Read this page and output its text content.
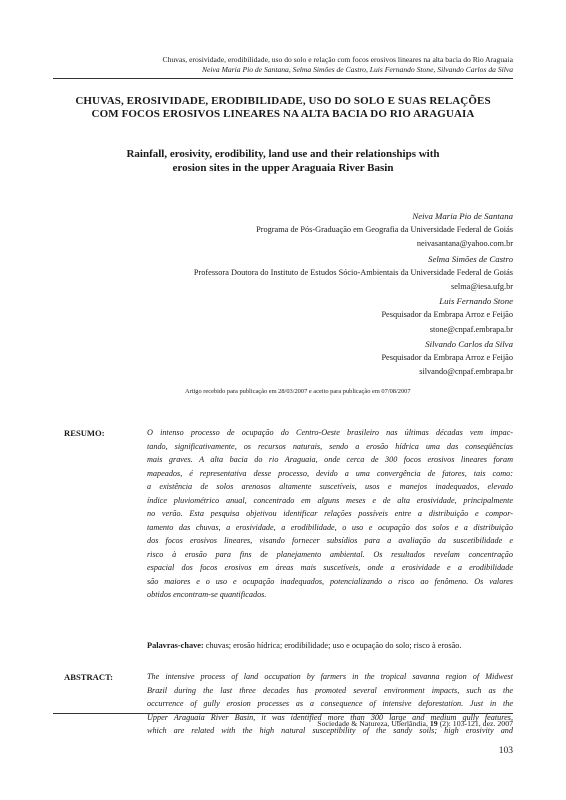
Chuvas, erosividade, erodibilidade, uso do solo e relação com focos erosivos lineares na alta bacia do Rio Araguaia
Neiva Maria Pio de Santana, Selma Simões de Castro, Luis Fernando Stone, Silvando Carlos da Silva
CHUVAS, EROSIVIDADE, ERODIBILIDADE, USO DO SOLO E SUAS RELAÇÕES
COM FOCOS EROSIVOS LINEARES NA ALTA BACIA DO RIO ARAGUAIA
Rainfall, erosivity, erodibility, land use and their relationships with
erosion sites in the upper Araguaia River Basin
Neiva Maria Pio de Santana
Programa de Pós-Graduação em Geografia da Universidade Federal de Goiás
neivasantana@yahoo.com.br
Selma Simões de Castro
Professora Doutora do Instituto de Estudos Sócio-Ambientais da Universidade Federal de Goiás
selma@iesa.ufg.br
Luis Fernando Stone
Pesquisador da Embrapa Arroz e Feijão
stone@cnpaf.embrapa.br
Silvando Carlos da Silva
Pesquisador da Embrapa Arroz e Feijão
silvando@cnpaf.embrapa.br
Artigo recebido para publicação em 28/03/2007 e aceito para publicação em 07/08/2007
RESUMO:	O intenso processo de ocupação do Centro-Oeste brasileiro nas últimas décadas vem impac-
tando, significativamente, os recursos naturais, sendo a erosão hídrica uma das conseqüências
mais graves. A alta bacia do rio Araguaia, onde cerca de 300 focos erosivos lineares foram
mapeados, é representativa desse processo, devido a uma convergência de fatores, tais como:
a existência de solos arenosos altamente suscetíveis, usos e manejos inadequados, elevado
índice pluviométrico anual, concentrado em alguns meses e de alta erosividade, principalmente
no verão. Esta pesquisa objetivou identificar relações possíveis entre a distribuição e compor-
tamento das chuvas, a erosividade, a erodibilidade, o uso e ocupação dos solos e a distribuição
dos focos erosivos lineares, visando fornecer subsídios para a avaliação da suscetibilidade e
risco à erosão para fins de planejamento ambiental. Os resultados revelam concentração
espacial dos focos erosivos em áreas mais suscetíveis, onde a erosividade e a erodibilidade
são maiores e o uso e ocupação inadequados, potencializando o risco ao fenômeno. Os valores
obtidos encontram-se quantificados.
Palavras-chave: chuvas; erosão hídrica; erodibilidade; uso e ocupação do solo; risco à erosão.
ABSTRACT:	The intensive process of land occupation by farmers in the tropical savanna region of Midwest
Brazil during the last three decades has promoted several environment impacts, such as the
occurrence of gully erosion processes as a consequence of intensive deforestation. Just in the
Upper Araguaia River Basin, it was identified more than 300 large and medium gully features,
which are related with the high natural susceptibility of the sandy soils; high erosivity and
Sociedade & Natureza, Uberlândia, 19 (2): 103-121, dez. 2007
103
